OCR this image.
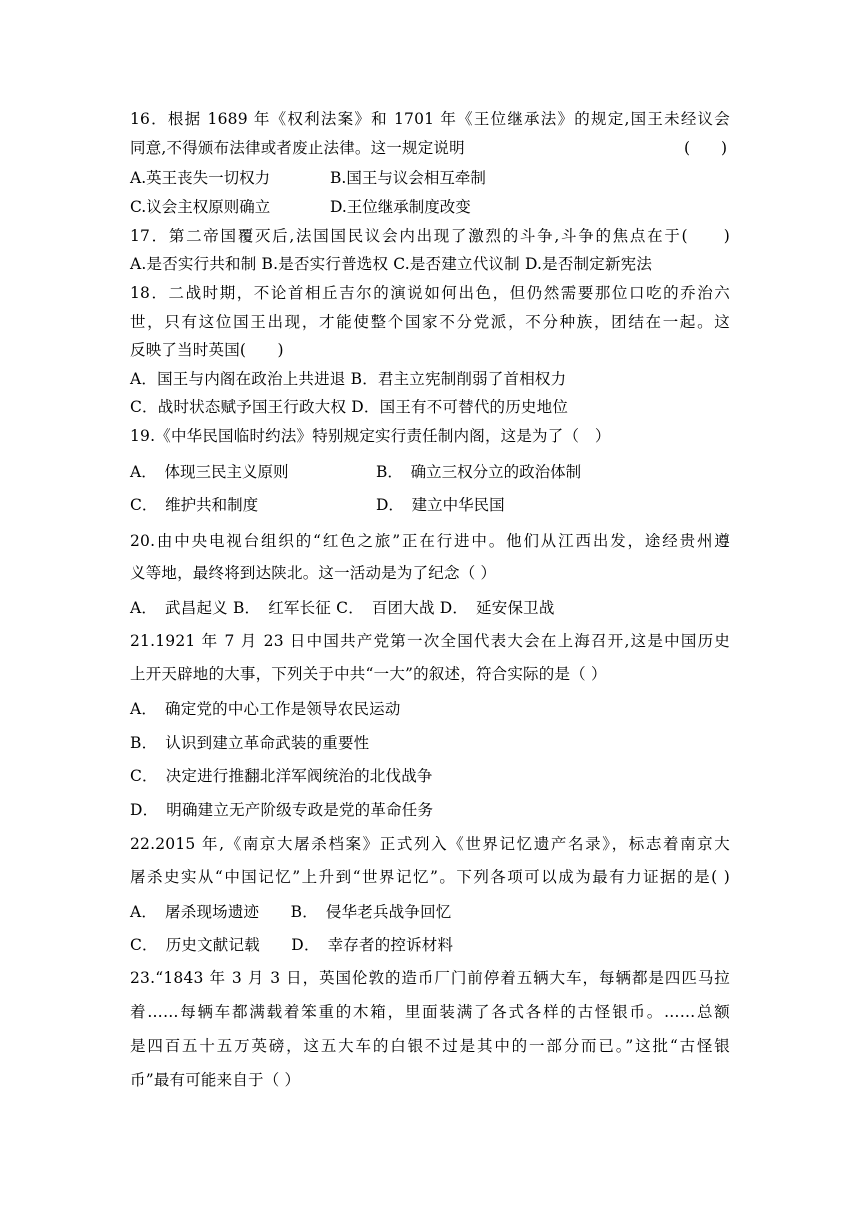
16．根据 1689 年《权利法案》和 1701 年《王位继承法》的规定,国王未经议会
同意,不得颁布法律或者废止法律。这一规定说明	(　　)
A.英王丧失一切权力	B.国王与议会相互牵制
C.议会主权原则确立	D.王位继承制度改变
17．第二帝国覆灭后,法国国民议会内出现了激烈的斗争,斗争的焦点在于(　　)
A.是否实行共和制 B.是否实行普选权 C.是否建立代议制 D.是否制定新宪法
18．二战时期，不论首相丘吉尔的演说如何出色，但仍然需要那位口吃的乔治六
世，只有这位国王出现，才能使整个国家不分党派，不分种族，团结在一起。这
反映了当时英国(　　)
A．国王与内阁在政治上共进退 B．君主立宪制削弱了首相权力
C．战时状态赋予国王行政大权 D．国王有不可替代的历史地位
19.《中华民国临时约法》特别规定实行责任制内阁，这是为了（　）
A．　体现三民主义原则	B．　确立三权分立的政治体制
C．　维护共和制度	D．　建立中华民国
20.由中央电视台组织的“红色之旅”正在行进中。他们从江西出发，途经贵州遵
义等地，最终将到达陕北。这一活动是为了纪念（ ）
A．　武昌起义 B．　红军长征 C．　百团大战 D．　延安保卫战
21.1921 年 7 月 23 日中国共产党第一次全国代表大会在上海召开,这是中国历史
上开天辟地的大事，下列关于中共“一大”的叙述，符合实际的是（ ）
A．　确定党的中心工作是领导农民运动
B．　认识到建立革命武装的重要性
C．　决定进行推翻北洋军阀统治的北伐战争
D．　明确建立无产阶级专政是党的革命任务
22.2015 年,《南京大屠杀档案》正式列入《世界记忆遗产名录》，标志着南京大
屠杀史实从“中国记忆”上升到“世界记忆”。下列各项可以成为最有力证据的是( )
A．　屠杀现场遗迹　　B．　侵华老兵战争回忆
C．　历史文献记载　　D．　幸存者的控诉材料
23.“1843 年 3 月 3 日，英国伦敦的造币厂门前停着五辆大车，每辆都是四匹马拉
着……每辆车都满载着笨重的木箱，里面装满了各式各样的古怪银币。……总额
是四百五十五万英磅，这五大车的白银不过是其中的一部分而已。”这批“古怪银
币”最有可能来自于（ ）
